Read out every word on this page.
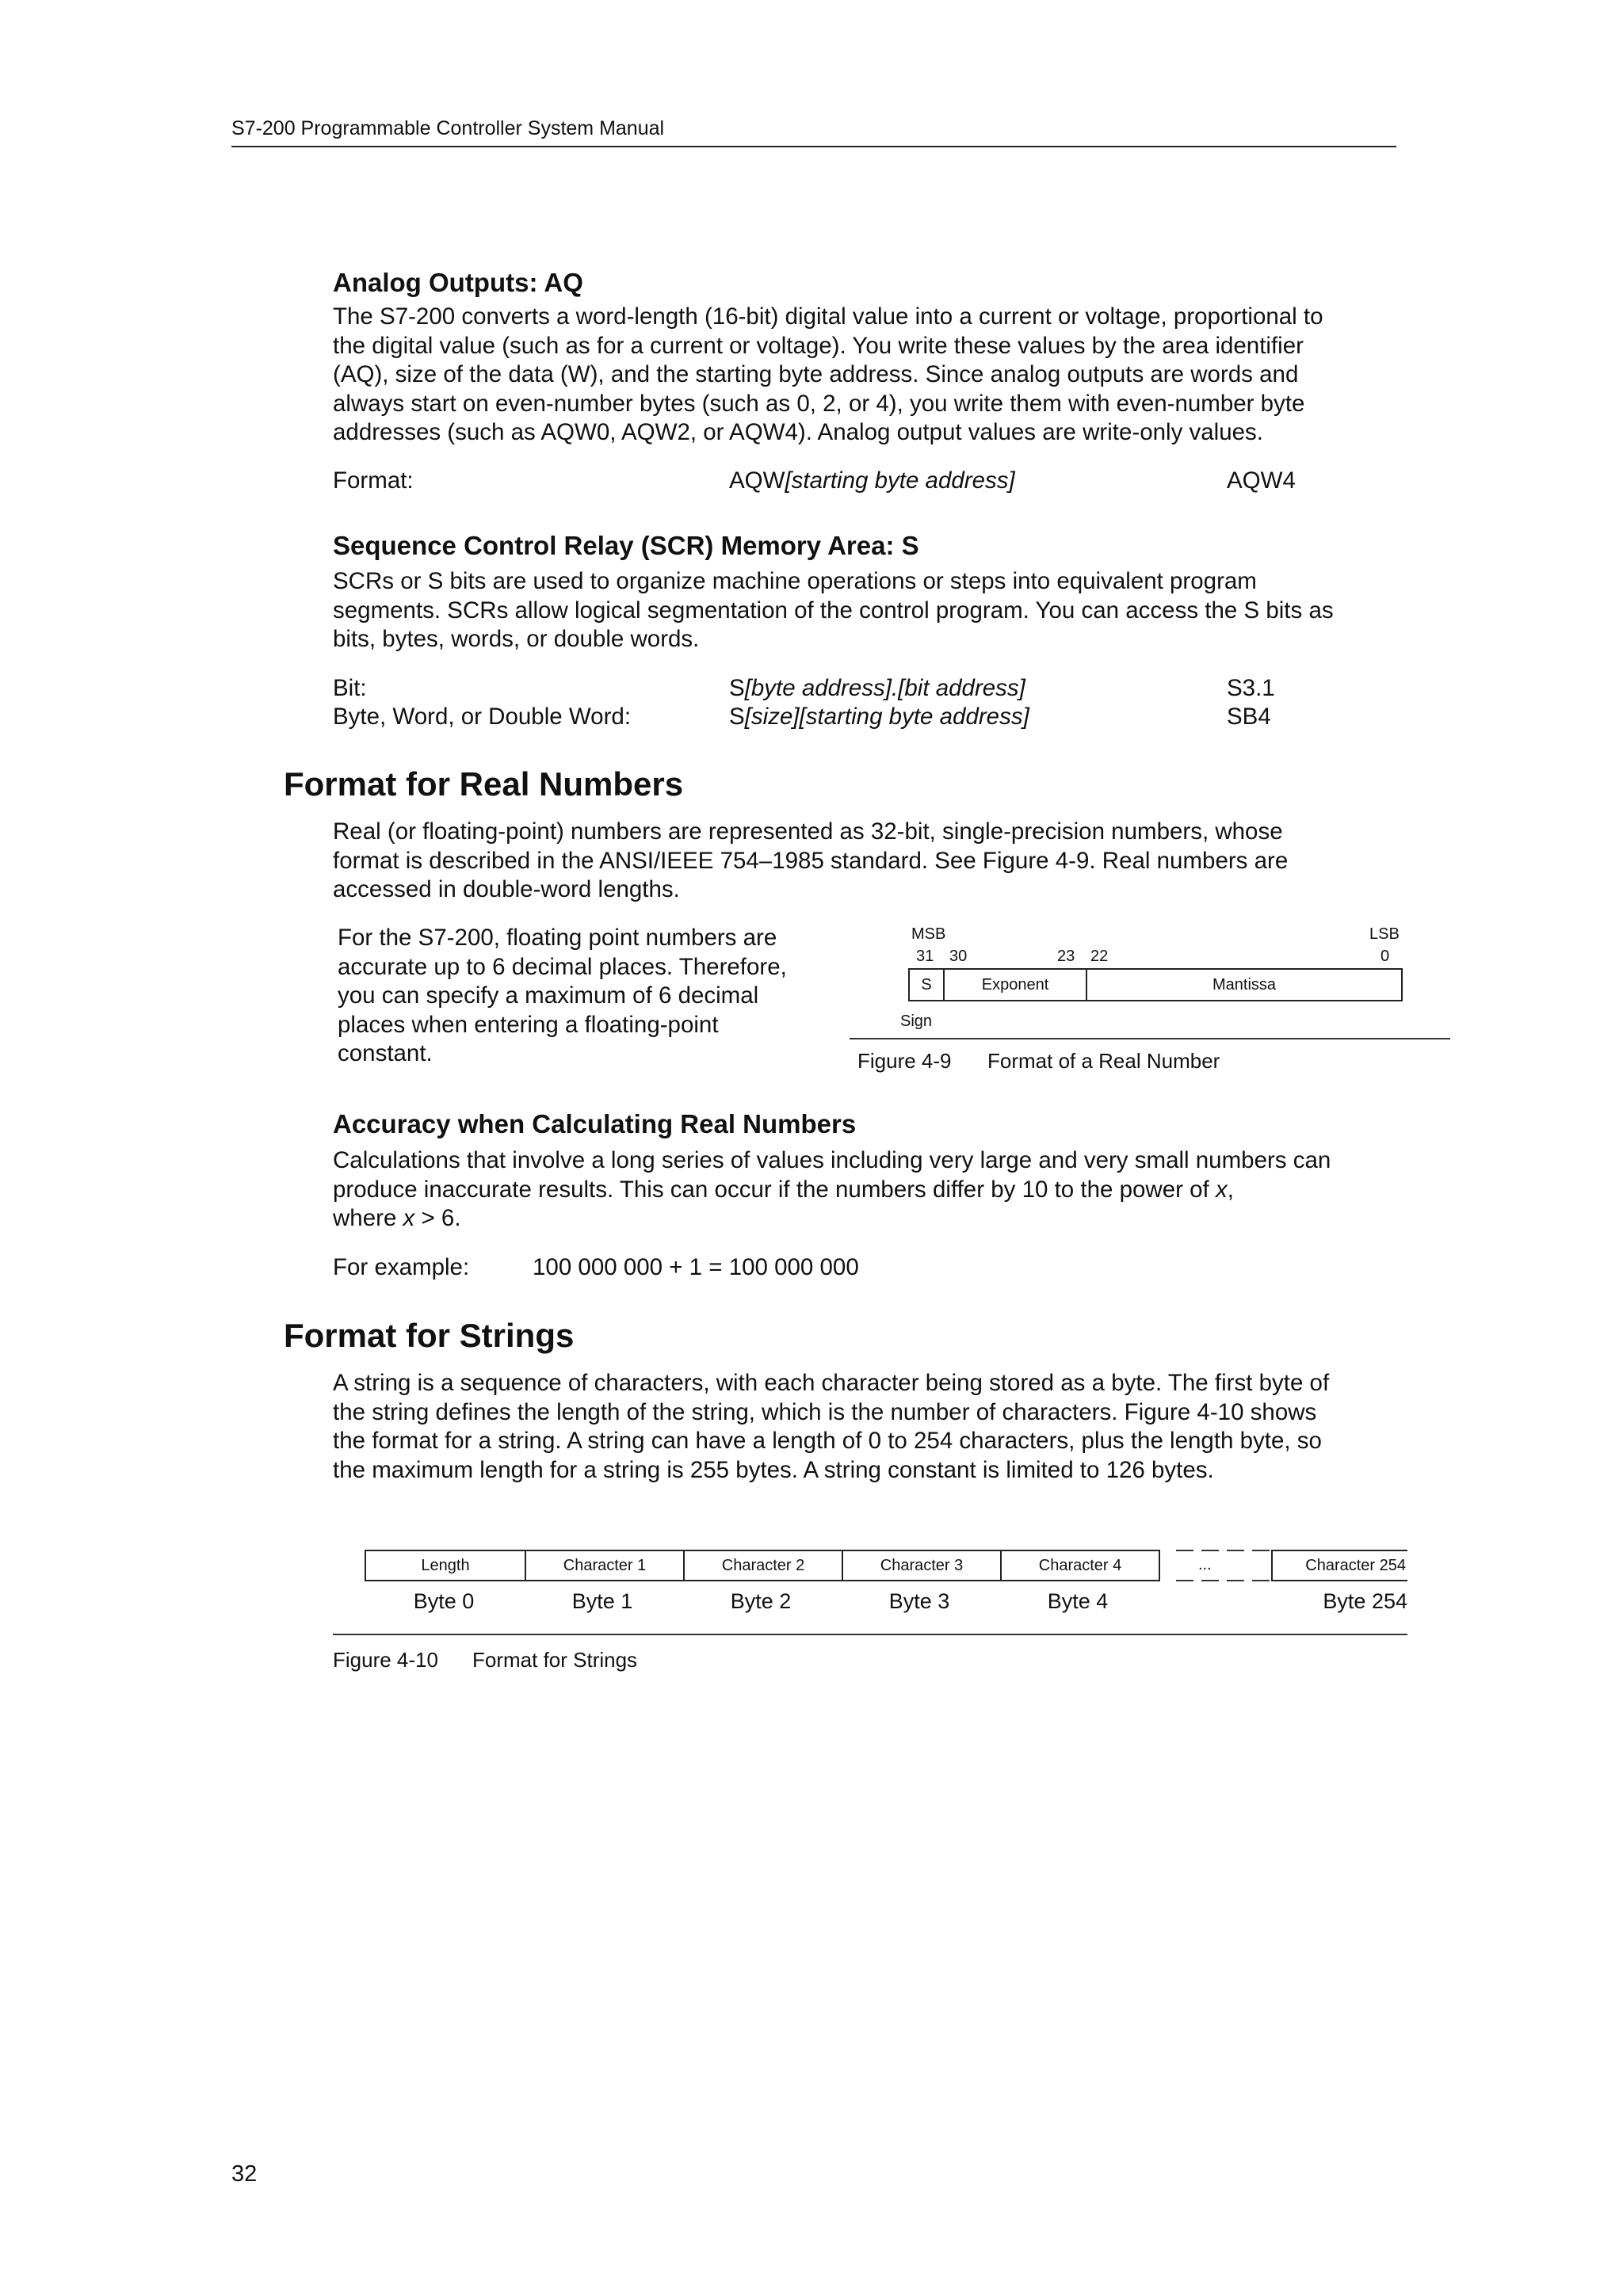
S7-200 Programmable Controller System Manual
Analog Outputs: AQ
The S7-200 converts a word-length (16-bit) digital value into a current or voltage, proportional to
the digital value (such as for a current or voltage). You write these values by the area identifier
(AQ), size of the data (W), and the starting byte address. Since analog outputs are words and
always start on even-number bytes (such as 0, 2, or 4), you write them with even-number byte
addresses (such as AQW0, AQW2, or AQW4). Analog output values are write-only values.
Format:	AQW[starting byte address]	AQW4
Sequence Control Relay (SCR) Memory Area: S
SCRs or S bits are used to organize machine operations or steps into equivalent program
segments. SCRs allow logical segmentation of the control program. You can access the S bits as
bits, bytes, words, or double words.
Bit:	S[byte address].[bit address]	S3.1
Byte, Word, or Double Word:	S[size][starting byte address]	SB4
Format for Real Numbers
Real (or floating-point) numbers are represented as 32-bit, single-precision numbers, whose
format is described in the ANSI/IEEE 754–1985 standard. See Figure 4-9. Real numbers are
accessed in double-word lengths.
For the S7-200, floating point numbers are
accurate up to 6 decimal places. Therefore,
you can specify a maximum of 6 decimal
places when entering a floating-point
constant.
MSB	LSB
31 30	23 22	0
S	Exponent	Mantissa
Sign
Figure 4-9 Format of a Real Number
Accuracy when Calculating Real Numbers
Calculations that involve a long series of values including very large and very small numbers can
produce inaccurate results. This can occur if the numbers differ by 10 to the power of x,
where x > 6.
For example:	100 000 000 + 1 = 100 000 000
Format for Strings
A string is a sequence of characters, with each character being stored as a byte. The first byte of
the string defines the length of the string, which is the number of characters. Figure 4-10 shows
the format for a string. A string can have a length of 0 to 254 characters, plus the length byte, so
the maximum length for a string is 255 bytes. A string constant is limited to 126 bytes.
Length	Character 1	Character 2	Character 3	Character 4	...	Character 254
Byte 0	Byte 1	Byte 2	Byte 3	Byte 4	Byte 254
Figure 4-10 Format for Strings
32
